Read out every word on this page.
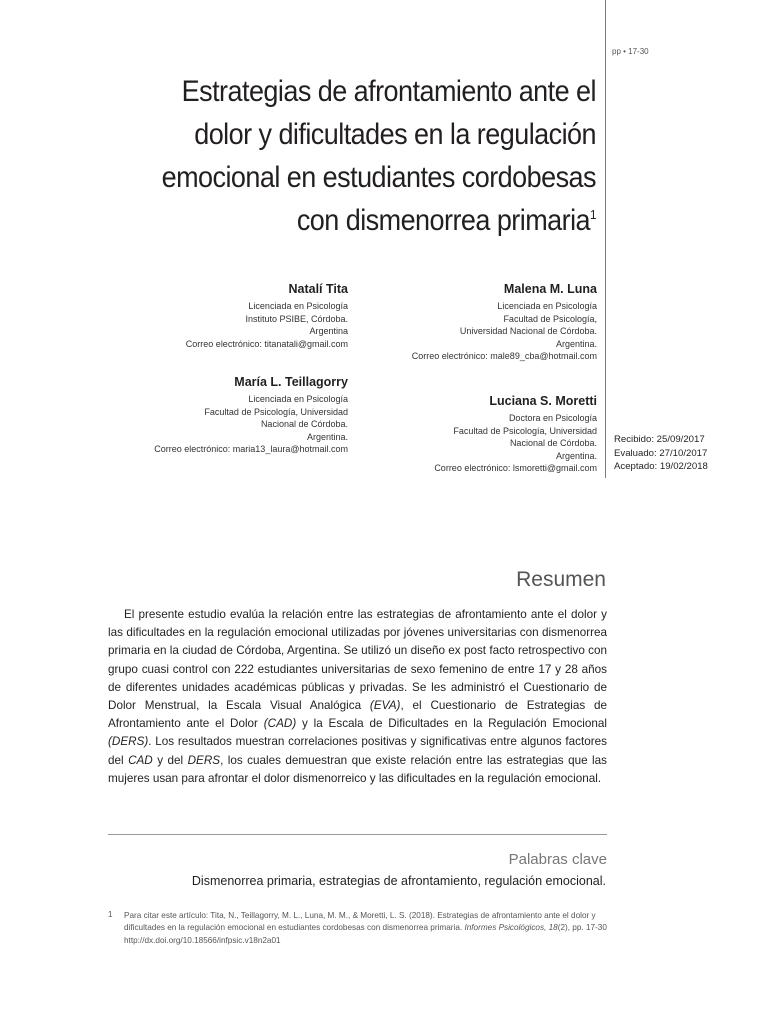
pp • 17-30
Estrategias de afrontamiento ante el dolor y dificultades en la regulación emocional en estudiantes cordobesas con dismenorrea primaria$^1$
Natalí Tita
Licenciada en Psicología
Instituto PSIBE, Córdoba.
Argentina
Correo electrónico: titanatali@gmail.com
Malena M. Luna
Licenciada en Psicología
Facultad de Psicología,
Universidad Nacional de Córdoba.
Argentina.
Correo electrónico: male89_cba@hotmail.com
María L. Teillagorry
Licenciada en Psicología
Facultad de Psicología, Universidad
Nacional de Córdoba.
Argentina.
Correo electrónico: maria13_laura@hotmail.com
Luciana S. Moretti
Doctora en Psicología
Facultad de Psicología, Universidad
Nacional de Córdoba.
Argentina.
Correo electrónico: lsmoretti@gmail.com
Recibido: 25/09/2017
Evaluado: 27/10/2017
Aceptado: 19/02/2018
Resumen

El presente estudio evalúa la relación entre las estrategias de afrontamiento ante el dolor y las dificultades en la regulación emocional utilizadas por jóvenes universitarias con dismenorrea primaria en la ciudad de Córdoba, Argentina. Se utilizó un diseño ex post facto retrospectivo con grupo cuasi control con 222 estudiantes universitarias de sexo femenino de entre 17 y 28 años de diferentes unidades académicas públicas y privadas. Se les administró el Cuestionario de Dolor Menstrual, la Escala Visual Analógica (EVA), el Cuestionario de Estrategias de Afrontamiento ante el Dolor (CAD) y la Escala de Dificultades en la Regulación Emocional (DERS). Los resultados muestran correlaciones positivas y significativas entre algunos factores del CAD y del DERS, los cuales demuestran que existe relación entre las estrategias que las mujeres usan para afrontar el dolor dismenorreico y las dificultades en la regulación emocional.

Palabras clave
Dismenorrea primaria, estrategias de afrontamiento, regulación emocional.
1 Para citar este artículo: Tita, N., Teillagorry, M. L., Luna, M. M., & Moretti, L. S. (2018). Estrategias de afrontamiento ante el dolor y dificultades en la regulación emocional en estudiantes cordobesas con dismenorrea primaria. Informes Psicológicos, 18(2), pp. 17-30 http://dx.doi.org/10.18566/infpsic.v18n2a01
